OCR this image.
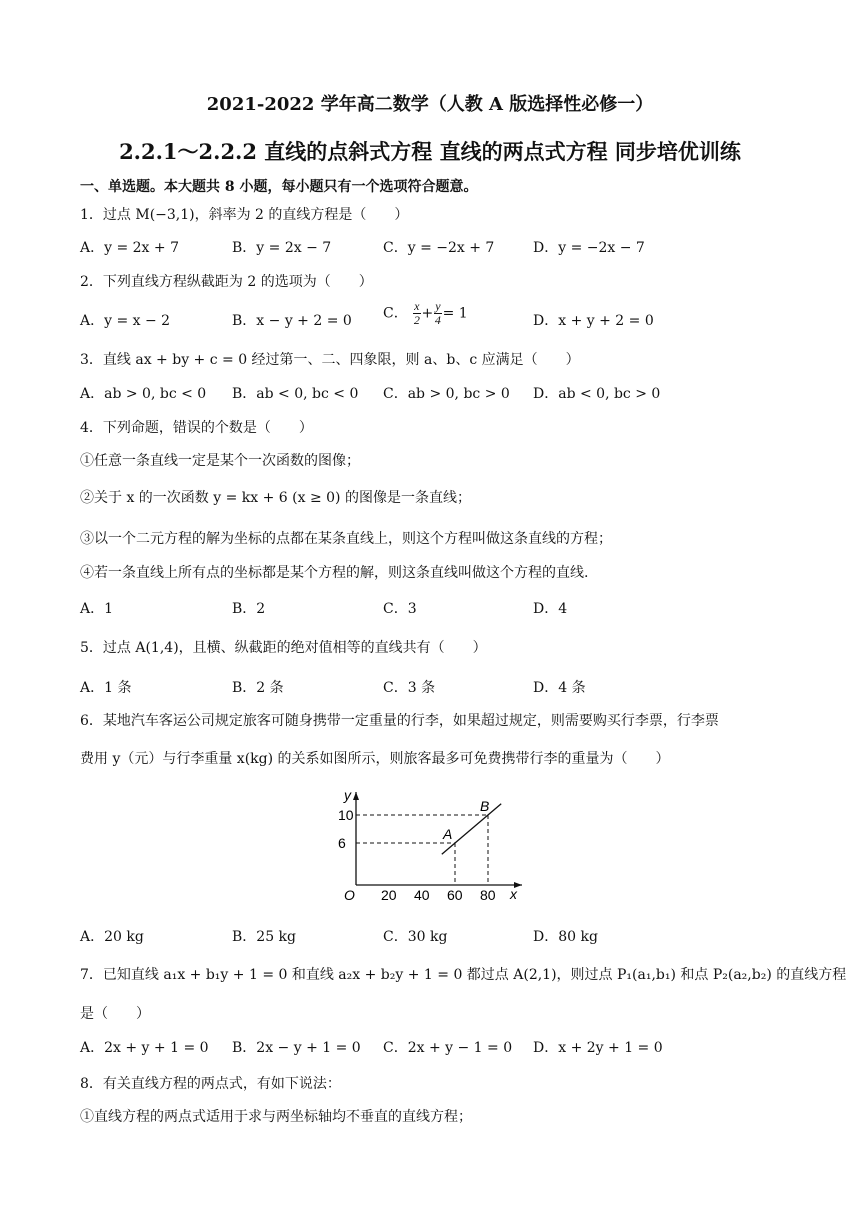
2021-2022 学年高二数学（人教 A 版选择性必修一）
2.2.1～2.2.2 直线的点斜式方程 直线的两点式方程 同步培优训练
一、单选题。本大题共 8 小题，每小题只有一个选项符合题意。
1．过点 M(−3,1)，斜率为 2 的直线方程是（　　）
A．y = 2x + 7	B．y = 2x − 7	C．y = −2x + 7	D．y = −2x − 7
2．下列直线方程纵截距为 2 的选项为（　　）
A．y = x − 2	B．x − y + 2 = 0 C． $\frac{x}{2} + \frac{y}{4} = 1$	D．x + y + 2 = 0
3．直线 ax + by + c = 0 经过第一、二、四象限，则 a、b、c 应满足（　　）
A．ab > 0, bc < 0 B．ab < 0, bc < 0 C．ab > 0, bc > 0 D．ab < 0, bc > 0
4．下列命题，错误的个数是（　　）
①任意一条直线一定是某个一次函数的图像；
②关于 x 的一次函数 y = kx + 6 (x ≥ 0) 的图像是一条直线；
③以一个二元方程的解为坐标的点都在某条直线上，则这个方程叫做这条直线的方程；
④若一条直线上所有点的坐标都是某个方程的解，则这条直线叫做这个方程的直线.
A．1	B．2	C．3	D．4
5．过点 A(1,4)，且横、纵截距的绝对值相等的直线共有（　　）
A．1 条	B．2 条	C．3 条	D．4 条
6．某地汽车客运公司规定旅客可随身携带一定重量的行李，如果超过规定，则需要购买行李票，行李票
费用 y（元）与行李重量 x(kg) 的关系如图所示，则旅客最多可免费携带行李的重量为（　　）
y
x
O 20 40 60 80
6
10
A
B
A．20 kg	B．25 kg	C．30 kg	D．80 kg
7．已知直线 a₁x + b₁y + 1 = 0 和直线 a₂x + b₂y + 1 = 0 都过点 A(2,1)，则过点 P₁(a₁,b₁) 和点 P₂(a₂,b₂) 的直线方程
是（　　）
A．2x + y + 1 = 0 B．2x − y + 1 = 0 C．2x + y − 1 = 0 D．x + 2y + 1 = 0
8．有关直线方程的两点式，有如下说法：
①直线方程的两点式适用于求与两坐标轴均不垂直的直线方程；
